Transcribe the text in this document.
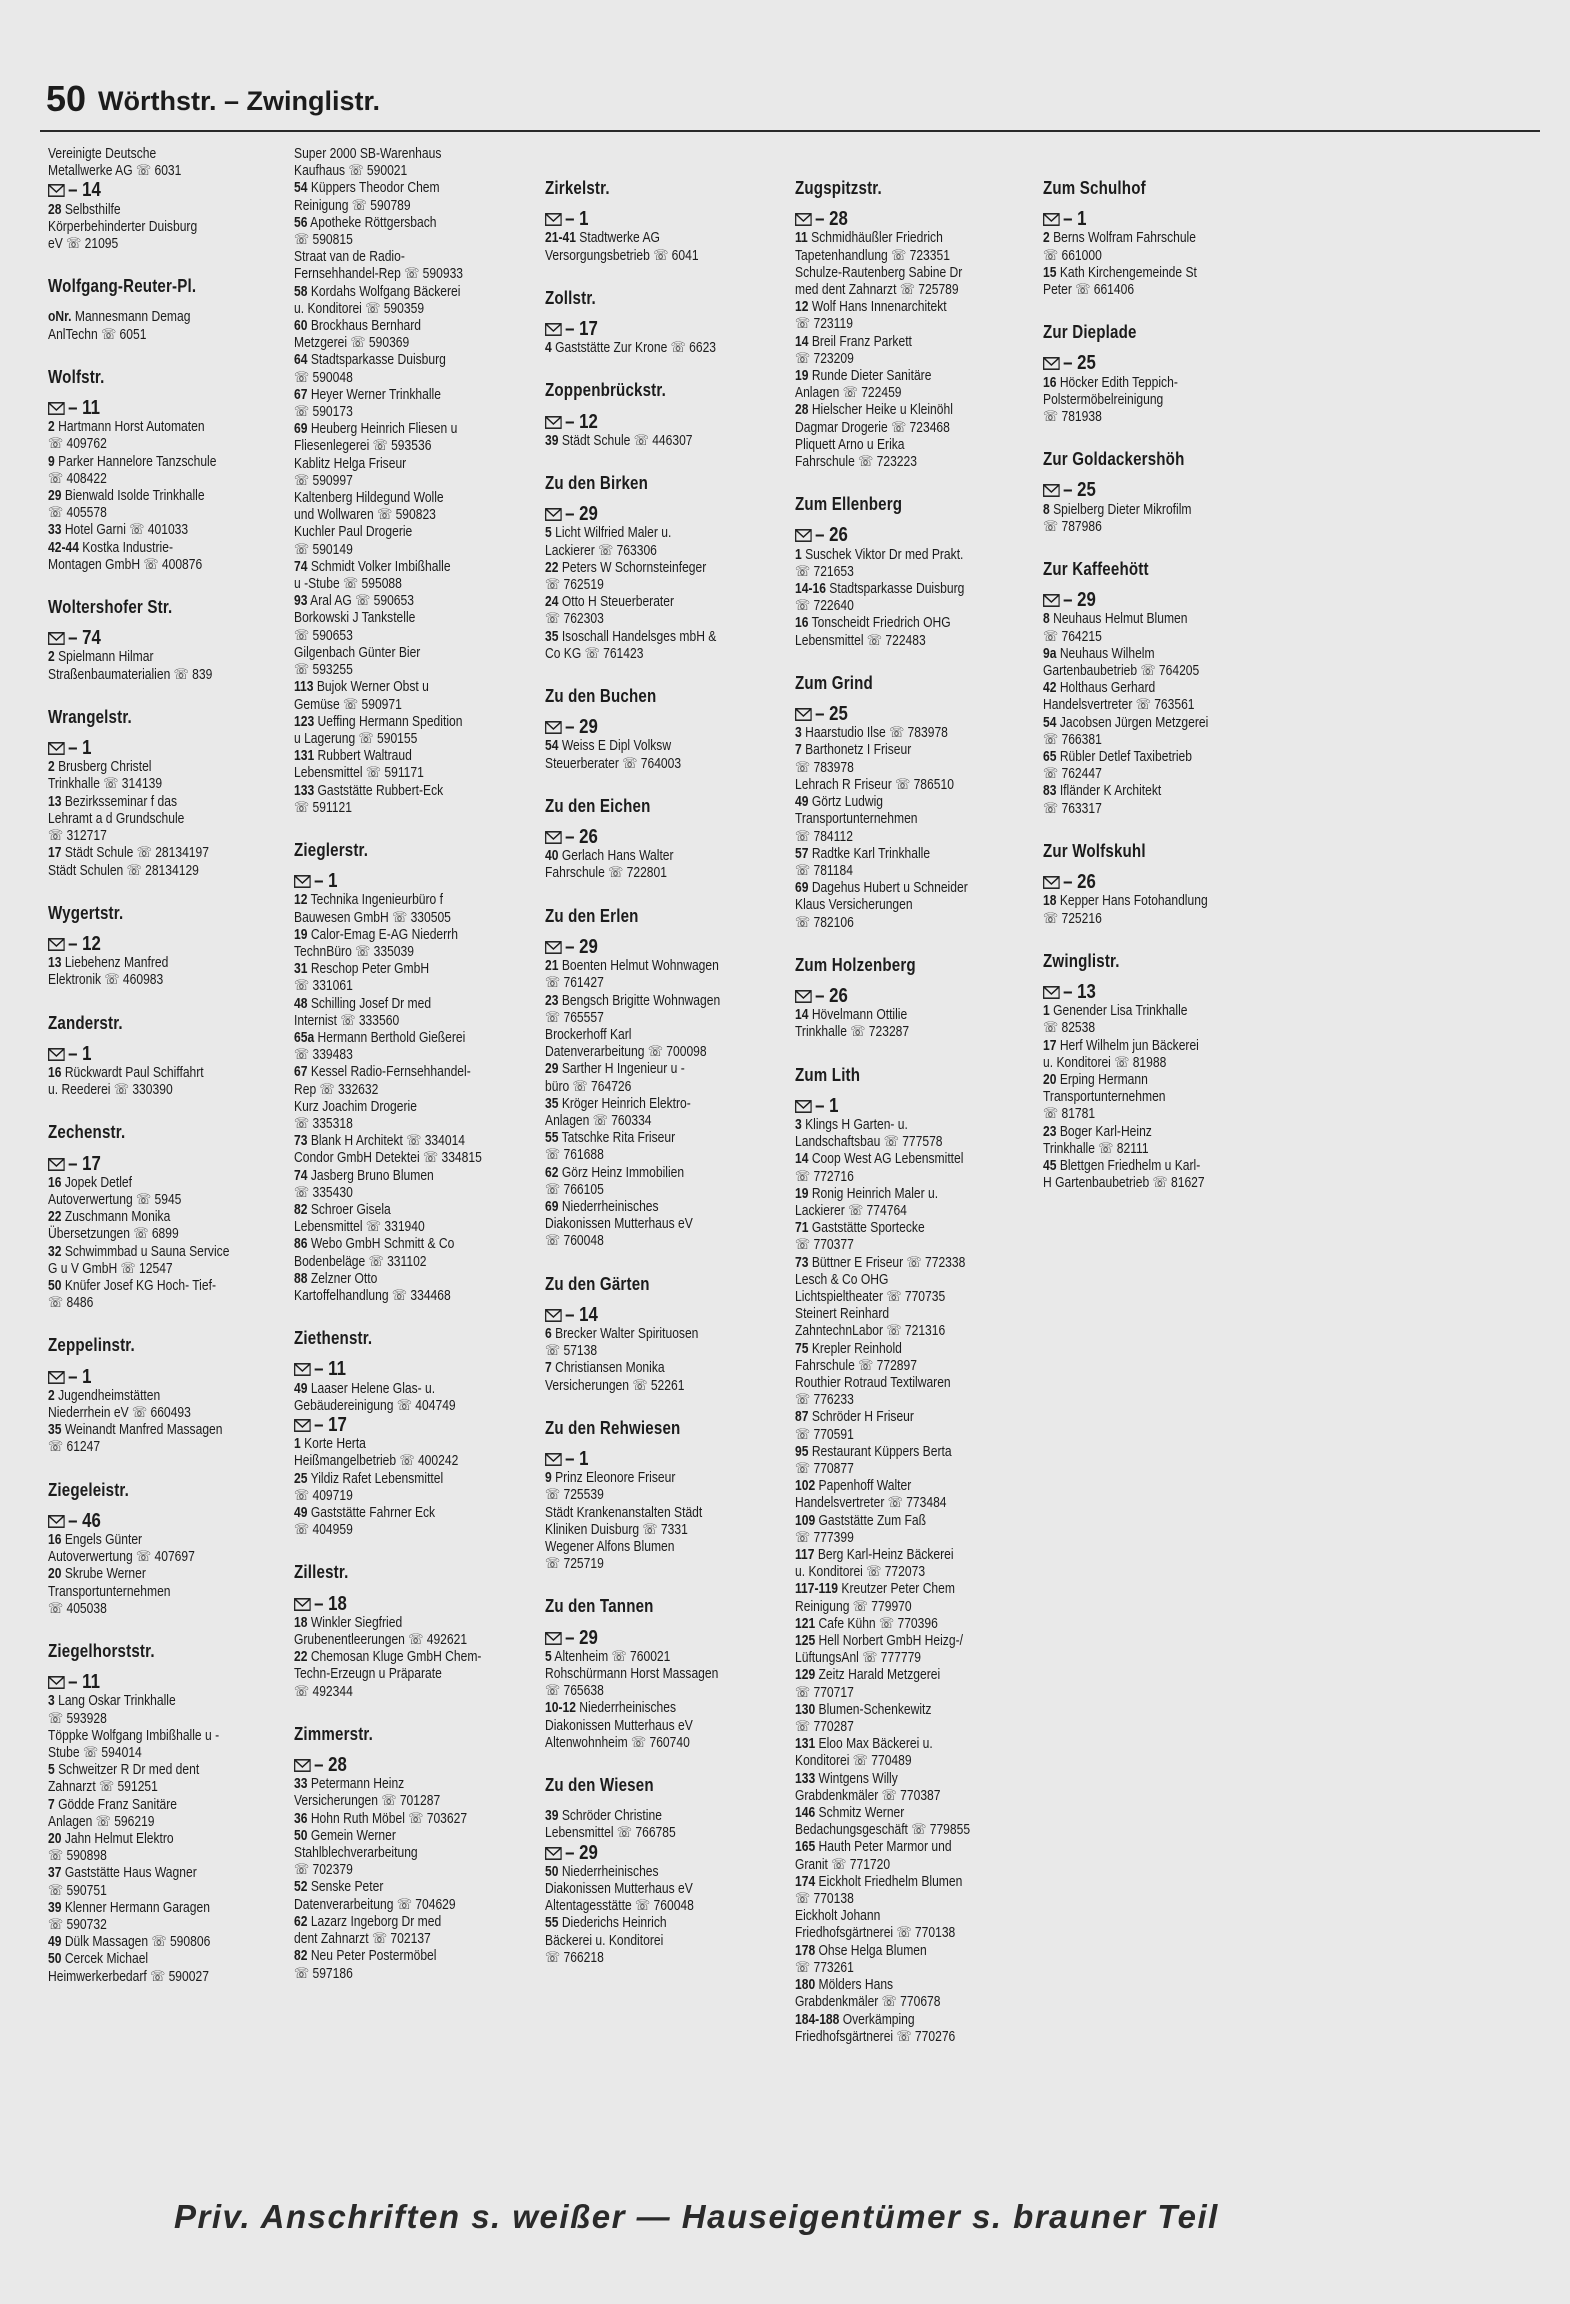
50 Wörthstr. – Zwinglistr.
Vereinigte Deutsche
Metallwerke AG ☏ 6031
– 14
28 Selbsthilfe
Körperbehinderter Duisburg
eV ☏ 21095
Wolfgang-Reuter-Pl.
oNr. Mannesmann Demag
AnlTechn ☏ 6051
Wolfstr.
– 11
2 Hartmann Horst Automaten
☏ 409762
9 Parker Hannelore Tanzschule
☏ 408422
29 Bienwald Isolde Trinkhalle
☏ 405578
33 Hotel Garni ☏ 401033
42-44 Kostka Industrie-
Montagen GmbH ☏ 400876
Woltershofer Str.
– 74
2 Spielmann Hilmar
Straßenbaumaterialien ☏ 839
Wrangelstr.
– 1
2 Brusberg Christel
Trinkhalle ☏ 314139
13 Bezirksseminar f das
Lehramt a d Grundschule
☏ 312717
17 Städt Schule ☏ 28134197
Städt Schulen ☏ 28134129
Wygertstr.
– 12
13 Liebehenz Manfred
Elektronik ☏ 460983
Zanderstr.
– 1
16 Rückwardt Paul Schiffahrt
u. Reederei ☏ 330390
Zechenstr.
– 17
16 Jopek Detlef
Autoverwertung ☏ 5945
22 Zuschmann Monika
Übersetzungen ☏ 6899
32 Schwimmbad u Sauna Service
G u V GmbH ☏ 12547
50 Knüfer Josef KG Hoch- Tief-
☏ 8486
Zeppelinstr.
– 1
2 Jugendheimstätten
Niederrhein eV ☏ 660493
35 Weinandt Manfred Massagen
☏ 61247
Ziegeleistr.
– 46
16 Engels Günter
Autoverwertung ☏ 407697
20 Skrube Werner
Transportunternehmen
☏ 405038
Ziegelhorststr.
– 11
3 Lang Oskar Trinkhalle
☏ 593928
Töppke Wolfgang Imbißhalle u -
Stube ☏ 594014
5 Schweitzer R Dr med dent
Zahnarzt ☏ 591251
7 Gödde Franz Sanitäre
Anlagen ☏ 596219
20 Jahn Helmut Elektro
☏ 590898
37 Gaststätte Haus Wagner
☏ 590751
39 Klenner Hermann Garagen
☏ 590732
49 Dülk Massagen ☏ 590806
50 Cercek Michael
Heimwerkerbedarf ☏ 590027
Super 2000 SB-Warenhaus
Kaufhaus ☏ 590021
54 Küppers Theodor Chem
Reinigung ☏ 590789
56 Apotheke Röttgersbach
☏ 590815
Straat van de Radio-
Fernsehhandel-Rep ☏ 590933
58 Kordahs Wolfgang Bäckerei
u. Konditorei ☏ 590359
60 Brockhaus Bernhard
Metzgerei ☏ 590369
64 Stadtsparkasse Duisburg
☏ 590048
67 Heyer Werner Trinkhalle
☏ 590173
69 Heuberg Heinrich Fliesen u
Fliesenlegerei ☏ 593536
Kablitz Helga Friseur
☏ 590997
Kaltenberg Hildegund Wolle
und Wollwaren ☏ 590823
Kuchler Paul Drogerie
☏ 590149
74 Schmidt Volker Imbißhalle
u -Stube ☏ 595088
93 Aral AG ☏ 590653
Borkowski J Tankstelle
☏ 590653
Gilgenbach Günter Bier
☏ 593255
113 Bujok Werner Obst u
Gemüse ☏ 590971
123 Ueffing Hermann Spedition
u Lagerung ☏ 590155
131 Rubbert Waltraud
Lebensmittel ☏ 591171
133 Gaststätte Rubbert-Eck
☏ 591121
Zieglerstr.
– 1
12 Technika Ingenieurbüro f
Bauwesen GmbH ☏ 330505
19 Calor-Emag E-AG Niederrh
TechnBüro ☏ 335039
31 Reschop Peter GmbH
☏ 331061
48 Schilling Josef Dr med
Internist ☏ 333560
65a Hermann Berthold Gießerei
☏ 339483
67 Kessel Radio-Fernsehhandel-
Rep ☏ 332632
Kurz Joachim Drogerie
☏ 335318
73 Blank H Architekt ☏ 334014
Condor GmbH Detektei ☏ 334815
74 Jasberg Bruno Blumen
☏ 335430
82 Schroer Gisela
Lebensmittel ☏ 331940
86 Webo GmbH Schmitt & Co
Bodenbeläge ☏ 331102
88 Zelzner Otto
Kartoffelhandlung ☏ 334468
Ziethenstr.
– 11
49 Laaser Helene Glas- u.
Gebäudereinigung ☏ 404749
– 17
1 Korte Herta
Heißmangelbetrieb ☏ 400242
25 Yildiz Rafet Lebensmittel
☏ 409719
49 Gaststätte Fahrner Eck
☏ 404959
Zillestr.
– 18
18 Winkler Siegfried
Grubenentleerungen ☏ 492621
22 Chemosan Kluge GmbH Chem-
Techn-Erzeugn u Präparate
☏ 492344
Zimmerstr.
– 28
33 Petermann Heinz
Versicherungen ☏ 701287
36 Hohn Ruth Möbel ☏ 703627
50 Gemein Werner
Stahlblechverarbeitung
☏ 702379
52 Senske Peter
Datenverarbeitung ☏ 704629
62 Lazarz Ingeborg Dr med
dent Zahnarzt ☏ 702137
82 Neu Peter Postermöbel
☏ 597186
Zirkelstr.
– 1
21-41 Stadtwerke AG
Versorgungsbetrieb ☏ 6041
Zollstr.
– 17
4 Gaststätte Zur Krone ☏ 6623
Zoppenbrückstr.
– 12
39 Städt Schule ☏ 446307
Zu den Birken
– 29
5 Licht Wilfried Maler u.
Lackierer ☏ 763306
22 Peters W Schornsteinfeger
☏ 762519
24 Otto H Steuerberater
☏ 762303
35 Isoschall Handelsges mbH &
Co KG ☏ 761423
Zu den Buchen
– 29
54 Weiss E Dipl Volksw
Steuerberater ☏ 764003
Zu den Eichen
– 26
40 Gerlach Hans Walter
Fahrschule ☏ 722801
Zu den Erlen
– 29
21 Boenten Helmut Wohnwagen
☏ 761427
23 Bengsch Brigitte Wohnwagen
☏ 765557
Brockerhoff Karl
Datenverarbeitung ☏ 700098
29 Sarther H Ingenieur u -
büro ☏ 764726
35 Kröger Heinrich Elektro-
Anlagen ☏ 760334
55 Tatschke Rita Friseur
☏ 761688
62 Görz Heinz Immobilien
☏ 766105
69 Niederrheinisches
Diakonissen Mutterhaus eV
☏ 760048
Zu den Gärten
– 14
6 Brecker Walter Spirituosen
☏ 57138
7 Christiansen Monika
Versicherungen ☏ 52261
Zu den Rehwiesen
– 1
9 Prinz Eleonore Friseur
☏ 725539
Städt Krankenanstalten Städt
Kliniken Duisburg ☏ 7331
Wegener Alfons Blumen
☏ 725719
Zu den Tannen
– 29
5 Altenheim ☏ 760021
Rohschürmann Horst Massagen
☏ 765638
10-12 Niederrheinisches
Diakonissen Mutterhaus eV
Altenwohnheim ☏ 760740
Zu den Wiesen
39 Schröder Christine
Lebensmittel ☏ 766785
– 29
50 Niederrheinisches
Diakonissen Mutterhaus eV
Altentagesstätte ☏ 760048
55 Diederichs Heinrich
Bäckerei u. Konditorei
☏ 766218
Zugspitzstr.
– 28
11 Schmidhäußler Friedrich
Tapetenhandlung ☏ 723351
Schulze-Rautenberg Sabine Dr
med dent Zahnarzt ☏ 725789
12 Wolf Hans Innenarchitekt
☏ 723119
14 Breil Franz Parkett
☏ 723209
19 Runde Dieter Sanitäre
Anlagen ☏ 722459
28 Hielscher Heike u Kleinöhl
Dagmar Drogerie ☏ 723468
Pliquett Arno u Erika
Fahrschule ☏ 723223
Zum Ellenberg
– 26
1 Suschek Viktor Dr med Prakt.
☏ 721653
14-16 Stadtsparkasse Duisburg
☏ 722640
16 Tonscheidt Friedrich OHG
Lebensmittel ☏ 722483
Zum Grind
– 25
3 Haarstudio Ilse ☏ 783978
7 Barthonetz I Friseur
☏ 783978
Lehrach R Friseur ☏ 786510
49 Görtz Ludwig
Transportunternehmen
☏ 784112
57 Radtke Karl Trinkhalle
☏ 781184
69 Dagehus Hubert u Schneider
Klaus Versicherungen
☏ 782106
Zum Holzenberg
– 26
14 Hövelmann Ottilie
Trinkhalle ☏ 723287
Zum Lith
– 1
3 Klings H Garten- u.
Landschaftsbau ☏ 777578
14 Coop West AG Lebensmittel
☏ 772716
19 Ronig Heinrich Maler u.
Lackierer ☏ 774764
71 Gaststätte Sportecke
☏ 770377
73 Büttner E Friseur ☏ 772338
Lesch & Co OHG
Lichtspieltheater ☏ 770735
Steinert Reinhard
ZahntechnLabor ☏ 721316
75 Krepler Reinhold
Fahrschule ☏ 772897
Routhier Rotraud Textilwaren
☏ 776233
87 Schröder H Friseur
☏ 770591
95 Restaurant Küppers Berta
☏ 770877
102 Papenhoff Walter
Handelsvertreter ☏ 773484
109 Gaststätte Zum Faß
☏ 777399
117 Berg Karl-Heinz Bäckerei
u. Konditorei ☏ 772073
117-119 Kreutzer Peter Chem
Reinigung ☏ 779970
121 Cafe Kühn ☏ 770396
125 Hell Norbert GmbH Heizg-/
LüftungsAnl ☏ 777779
129 Zeitz Harald Metzgerei
☏ 770717
130 Blumen-Schenkewitz
☏ 770287
131 Eloo Max Bäckerei u.
Konditorei ☏ 770489
133 Wintgens Willy
Grabdenkmäler ☏ 770387
146 Schmitz Werner
Bedachungsgeschäft ☏ 779855
165 Hauth Peter Marmor und
Granit ☏ 771720
174 Eickholt Friedhelm Blumen
☏ 770138
Eickholt Johann
Friedhofsgärtnerei ☏ 770138
178 Ohse Helga Blumen
☏ 773261
180 Mölders Hans
Grabdenkmäler ☏ 770678
184-188 Overkämping
Friedhofsgärtnerei ☏ 770276
Zum Schulhof
– 1
2 Berns Wolfram Fahrschule
☏ 661000
15 Kath Kirchengemeinde St
Peter ☏ 661406
Zur Dieplade
– 25
16 Höcker Edith Teppich-
Polstermöbelreinigung
☏ 781938
Zur Goldackershöh
– 25
8 Spielberg Dieter Mikrofilm
☏ 787986
Zur Kaffeehött
– 29
8 Neuhaus Helmut Blumen
☏ 764215
9a Neuhaus Wilhelm
Gartenbaubetrieb ☏ 764205
42 Holthaus Gerhard
Handelsvertreter ☏ 763561
54 Jacobsen Jürgen Metzgerei
☏ 766381
65 Rübler Detlef Taxibetrieb
☏ 762447
83 Ifländer K Architekt
☏ 763317
Zur Wolfskuhl
– 26
18 Kepper Hans Fotohandlung
☏ 725216
Zwinglistr.
– 13
1 Genender Lisa Trinkhalle
☏ 82538
17 Herf Wilhelm jun Bäckerei
u. Konditorei ☏ 81988
20 Erping Hermann
Transportunternehmen
☏ 81781
23 Boger Karl-Heinz
Trinkhalle ☏ 82111
45 Blettgen Friedhelm u Karl-
H Gartenbaubetrieb ☏ 81627
Priv. Anschriften s. weißer — Hauseigentümer s. brauner Teil
